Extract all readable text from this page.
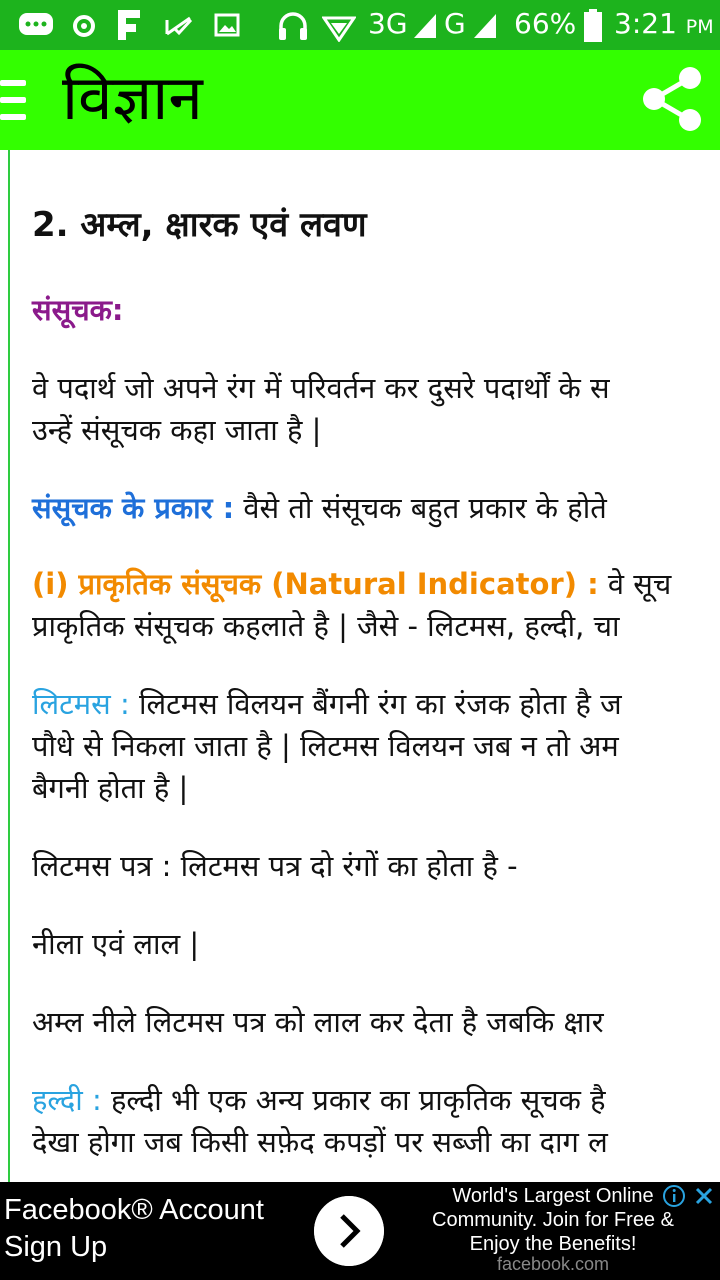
3G G 66% 3:21 PM
विज्ञान
2. अम्ल, क्षारक एवं लवण
संसूचक:
वे पदार्थ जो अपने रंग में परिवर्तन कर दुसरे पदार्थों के स
उन्हें संसूचक कहा जाता है |
संसूचक के प्रकार : वैसे तो संसूचक बहुत प्रकार के होते
(i) प्राकृतिक संसूचक (Natural Indicator) : वे सूच
प्राकृतिक संसूचक कहलाते है | जैसे - लिटमस, हल्दी, चा
लिटमस : लिटमस विलयन बैंगनी रंग का रंजक होता है ज
पौधे से निकला जाता है | लिटमस विलयन जब न तो अम
बैगनी होता है |
लिटमस पत्र : लिटमस पत्र दो रंगों का होता है -
नीला एवं लाल |
अम्ल नीले लिटमस पत्र को लाल कर देता है जबकि क्षार
हल्दी : हल्दी भी एक अन्य प्रकार का प्राकृतिक सूचक है
देखा होगा जब किसी सफ़ेद कपड़ों पर सब्जी का दाग ल
Facebook® Account
Sign Up
World's Largest Online
Community. Join for Free &
Enjoy the Benefits!
facebook.com
